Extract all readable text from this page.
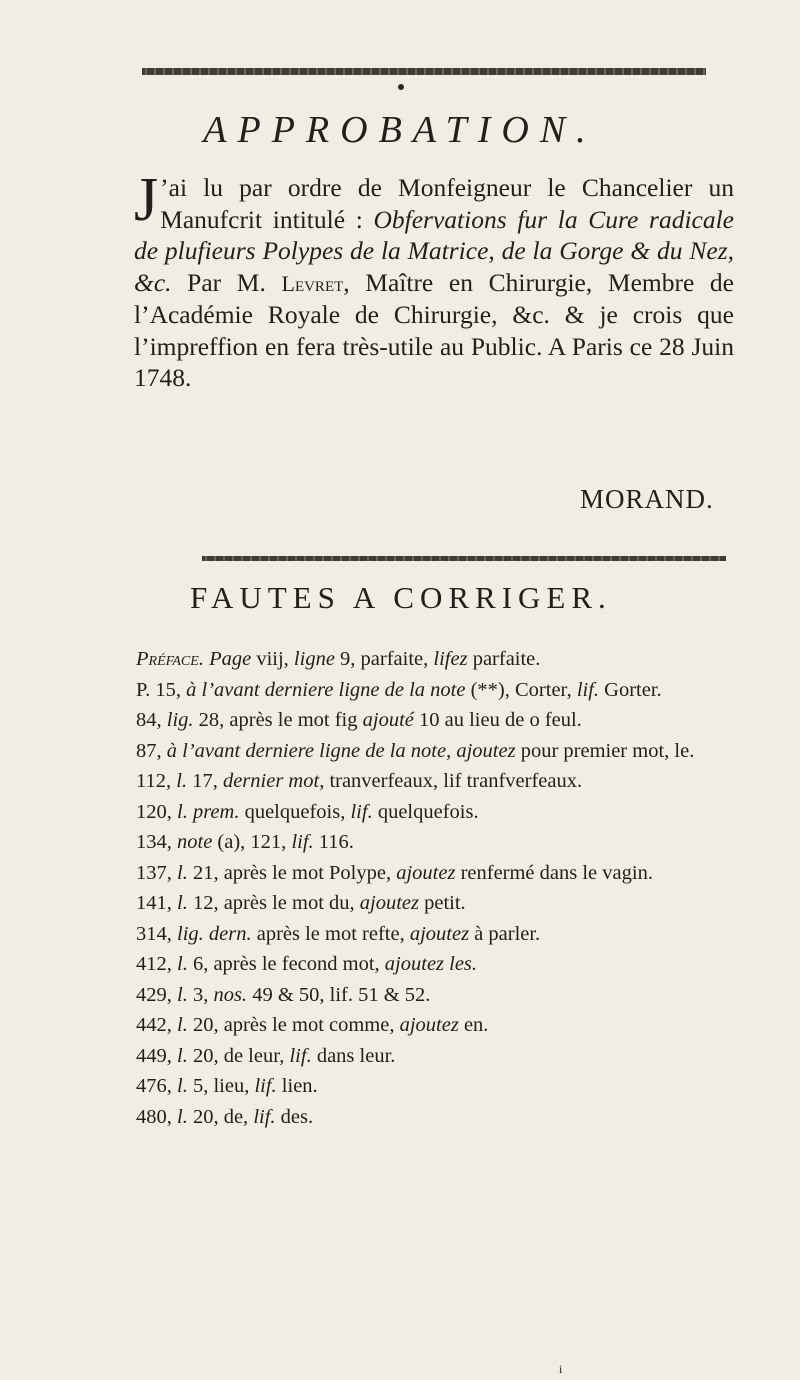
APPROBATION.

J ’ai lu par ordre de Monfeigneur le Chancelier un Manufcrit intitulé : Obfervations fur la Cure radicale de plufieurs Polypes de la Matrice, de la Gorge & du Nez, &c. Par M. Levret, Maître en Chirurgie, Membre de l’Académie Royale de Chirurgie, &c. & je crois que l’impreffion en fera très-utile au Public. A Paris ce 28 Juin 1748.

MORAND.
FAUTES A CORRIGER.

Préface. Page viij, ligne 9, parfaite, lifez parfaite.

P. 15, à l’avant derniere ligne de la note (**), Corter, lif. Gorter.

84, lig. 28, après le mot fig ajouté 10 au lieu de o feul.

87, à l’avant derniere ligne de la note, ajoutez pour premier mot, le.

112, l. 17, dernier mot, tranverfeaux, lif tranfverfeaux.

120, l. prem. quelquefois, lif. quelquefois.

134, note (a), 121, lif. 116.

137, l. 21, après le mot Polype, ajoutez renfermé dans le vagin.

141, l. 12, après le mot du, ajoutez petit.

314, lig. dern. après le mot refte, ajoutez à parler.

412, l. 6, après le fecond mot, ajoutez les.

429, l. 3, nos. 49 & 50, lif. 51 & 52.

442, l. 20, après le mot comme, ajoutez en.

449, l. 20, de leur, lif. dans leur.

476, l. 5, lieu, lif. lien.

480, l. 20, de, lif. des.

i
